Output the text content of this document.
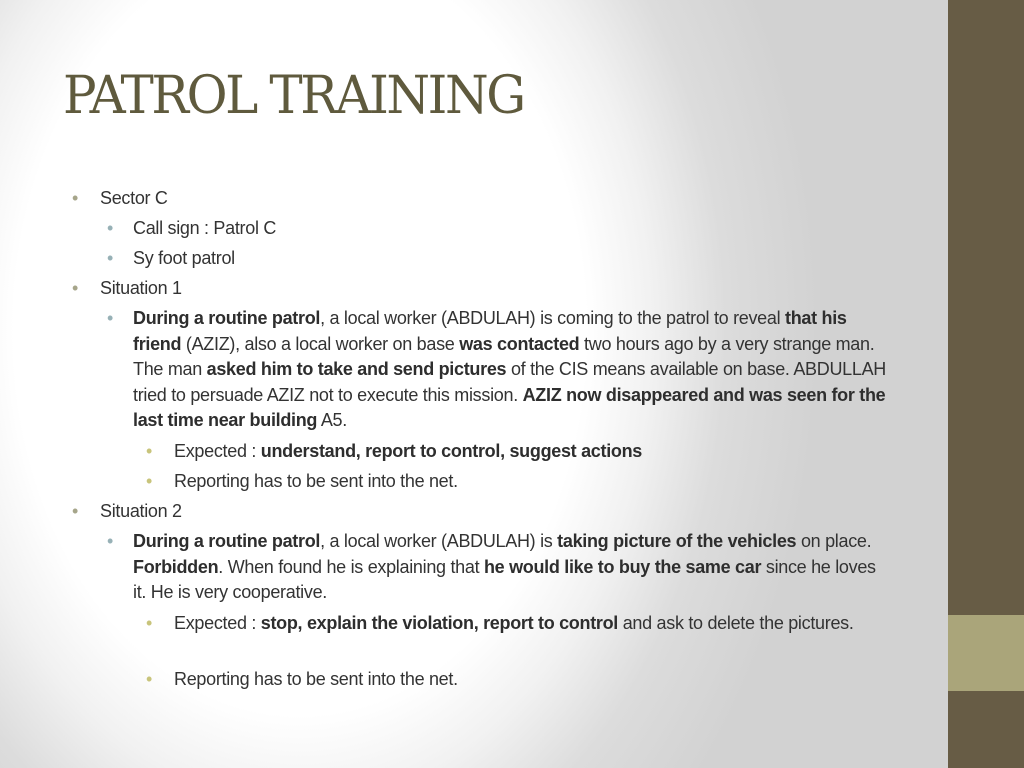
PATROL TRAINING
• Sector C
• Call sign : Patrol C
• Sy foot patrol
• Situation 1
• During a routine patrol, a local worker (ABDULAH) is coming to the patrol to reveal that his friend (AZIZ), also a local worker on base was contacted two hours ago by a very strange man. The man asked him to take and send pictures of the CIS means available on base. ABDULLAH tried to persuade AZIZ not to execute this mission. AZIZ now disappeared and was seen for the last time near building A5.
• Expected : understand, report to control, suggest actions
• Reporting has to be sent into the net.
• Situation 2
• During a routine patrol, a local worker (ABDULAH) is taking picture of the vehicles on place. Forbidden. When found he is explaining that he would like to buy the same car since he loves it. He is very cooperative.
• Expected : stop, explain the violation, report to control and ask to delete the pictures.
• Reporting has to be sent into the net.
